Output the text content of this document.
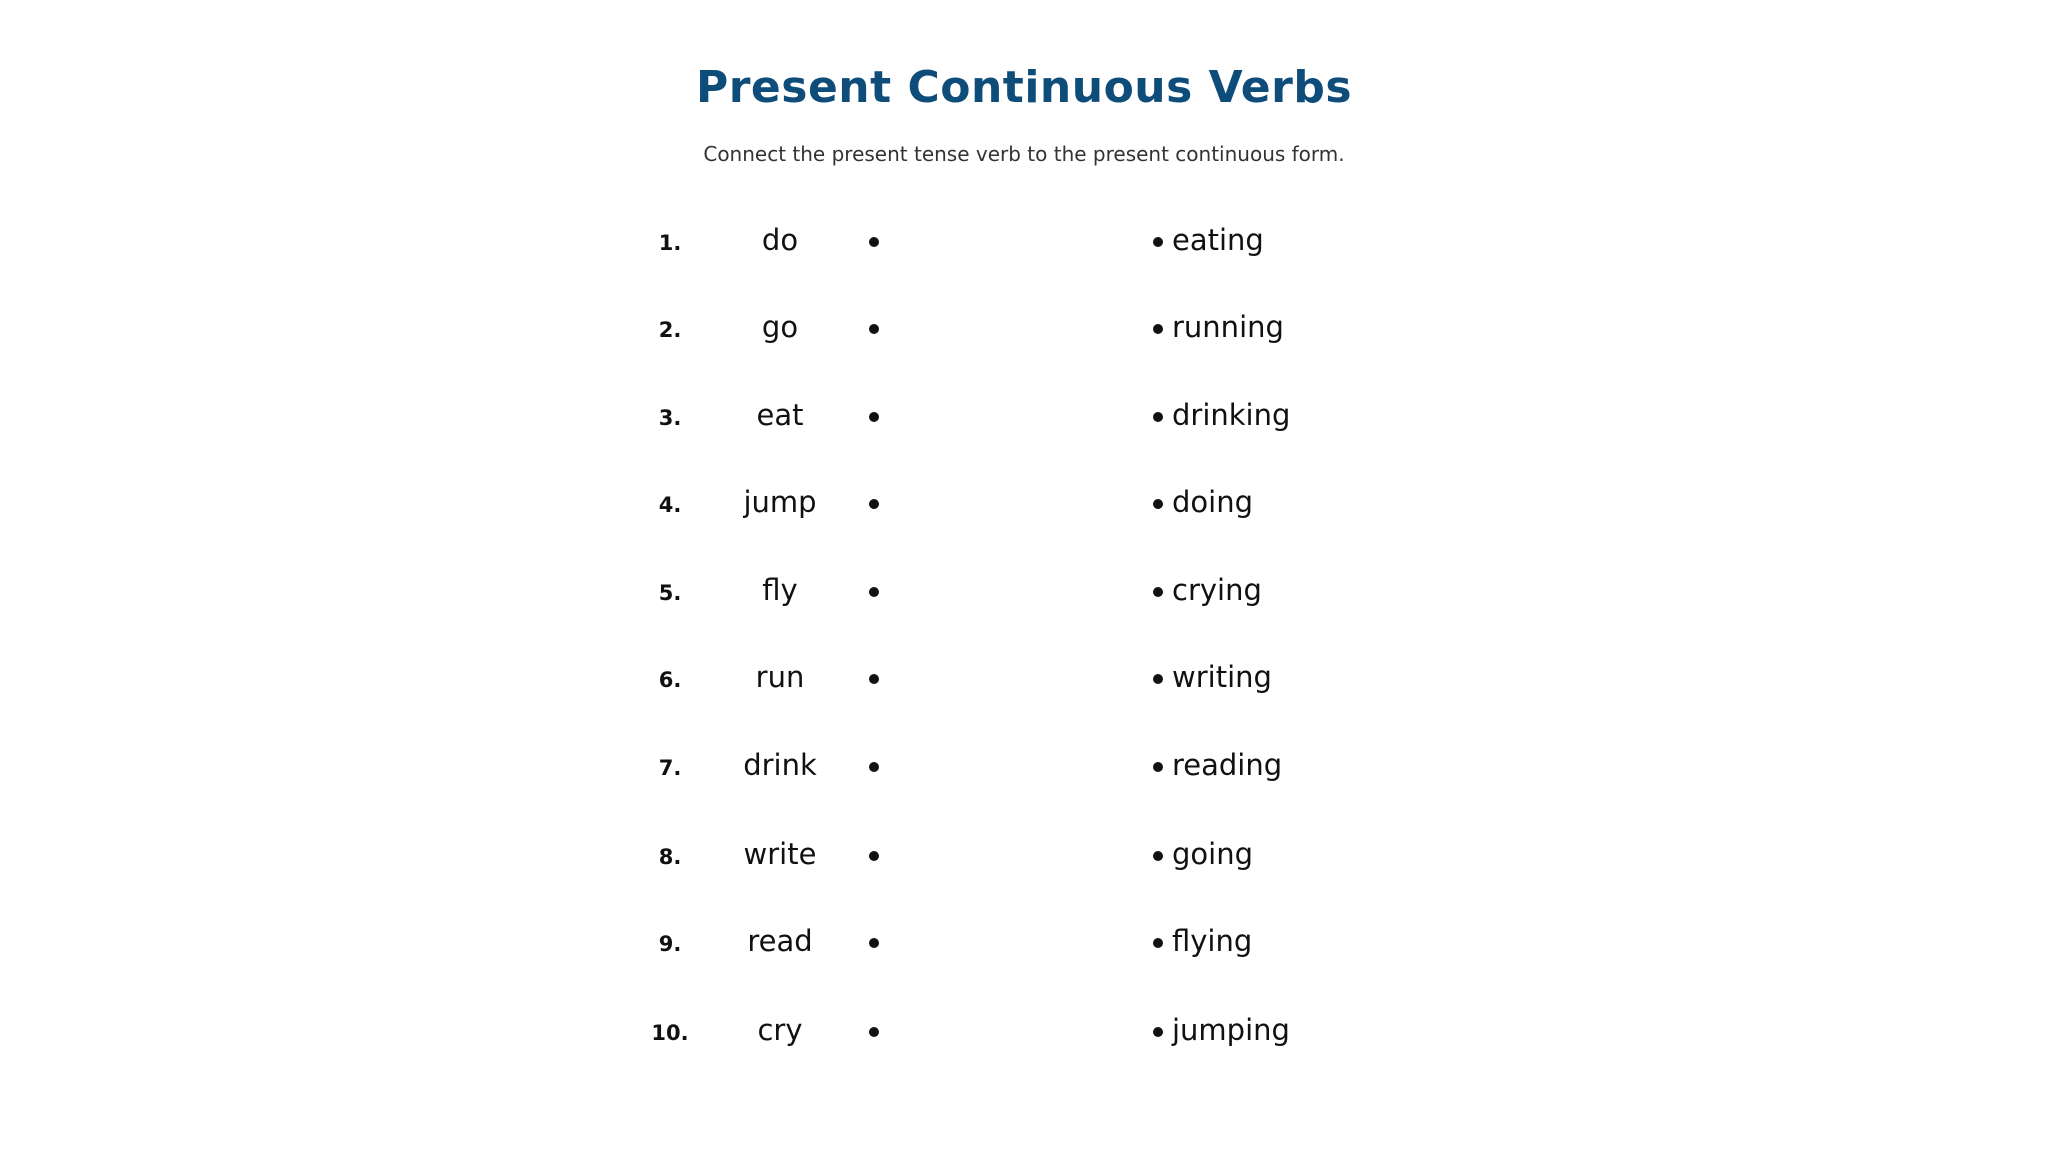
Present Continuous Verbs
Connect the present tense verb to the present continuous form.
1.	do	eating
2.	go	running
3.	eat	drinking
4.	jump	doing
5.	fly	crying
6.	run	writing
7.	drink	reading
8.	write	going
9.	read	flying
10.	cry	jumping
